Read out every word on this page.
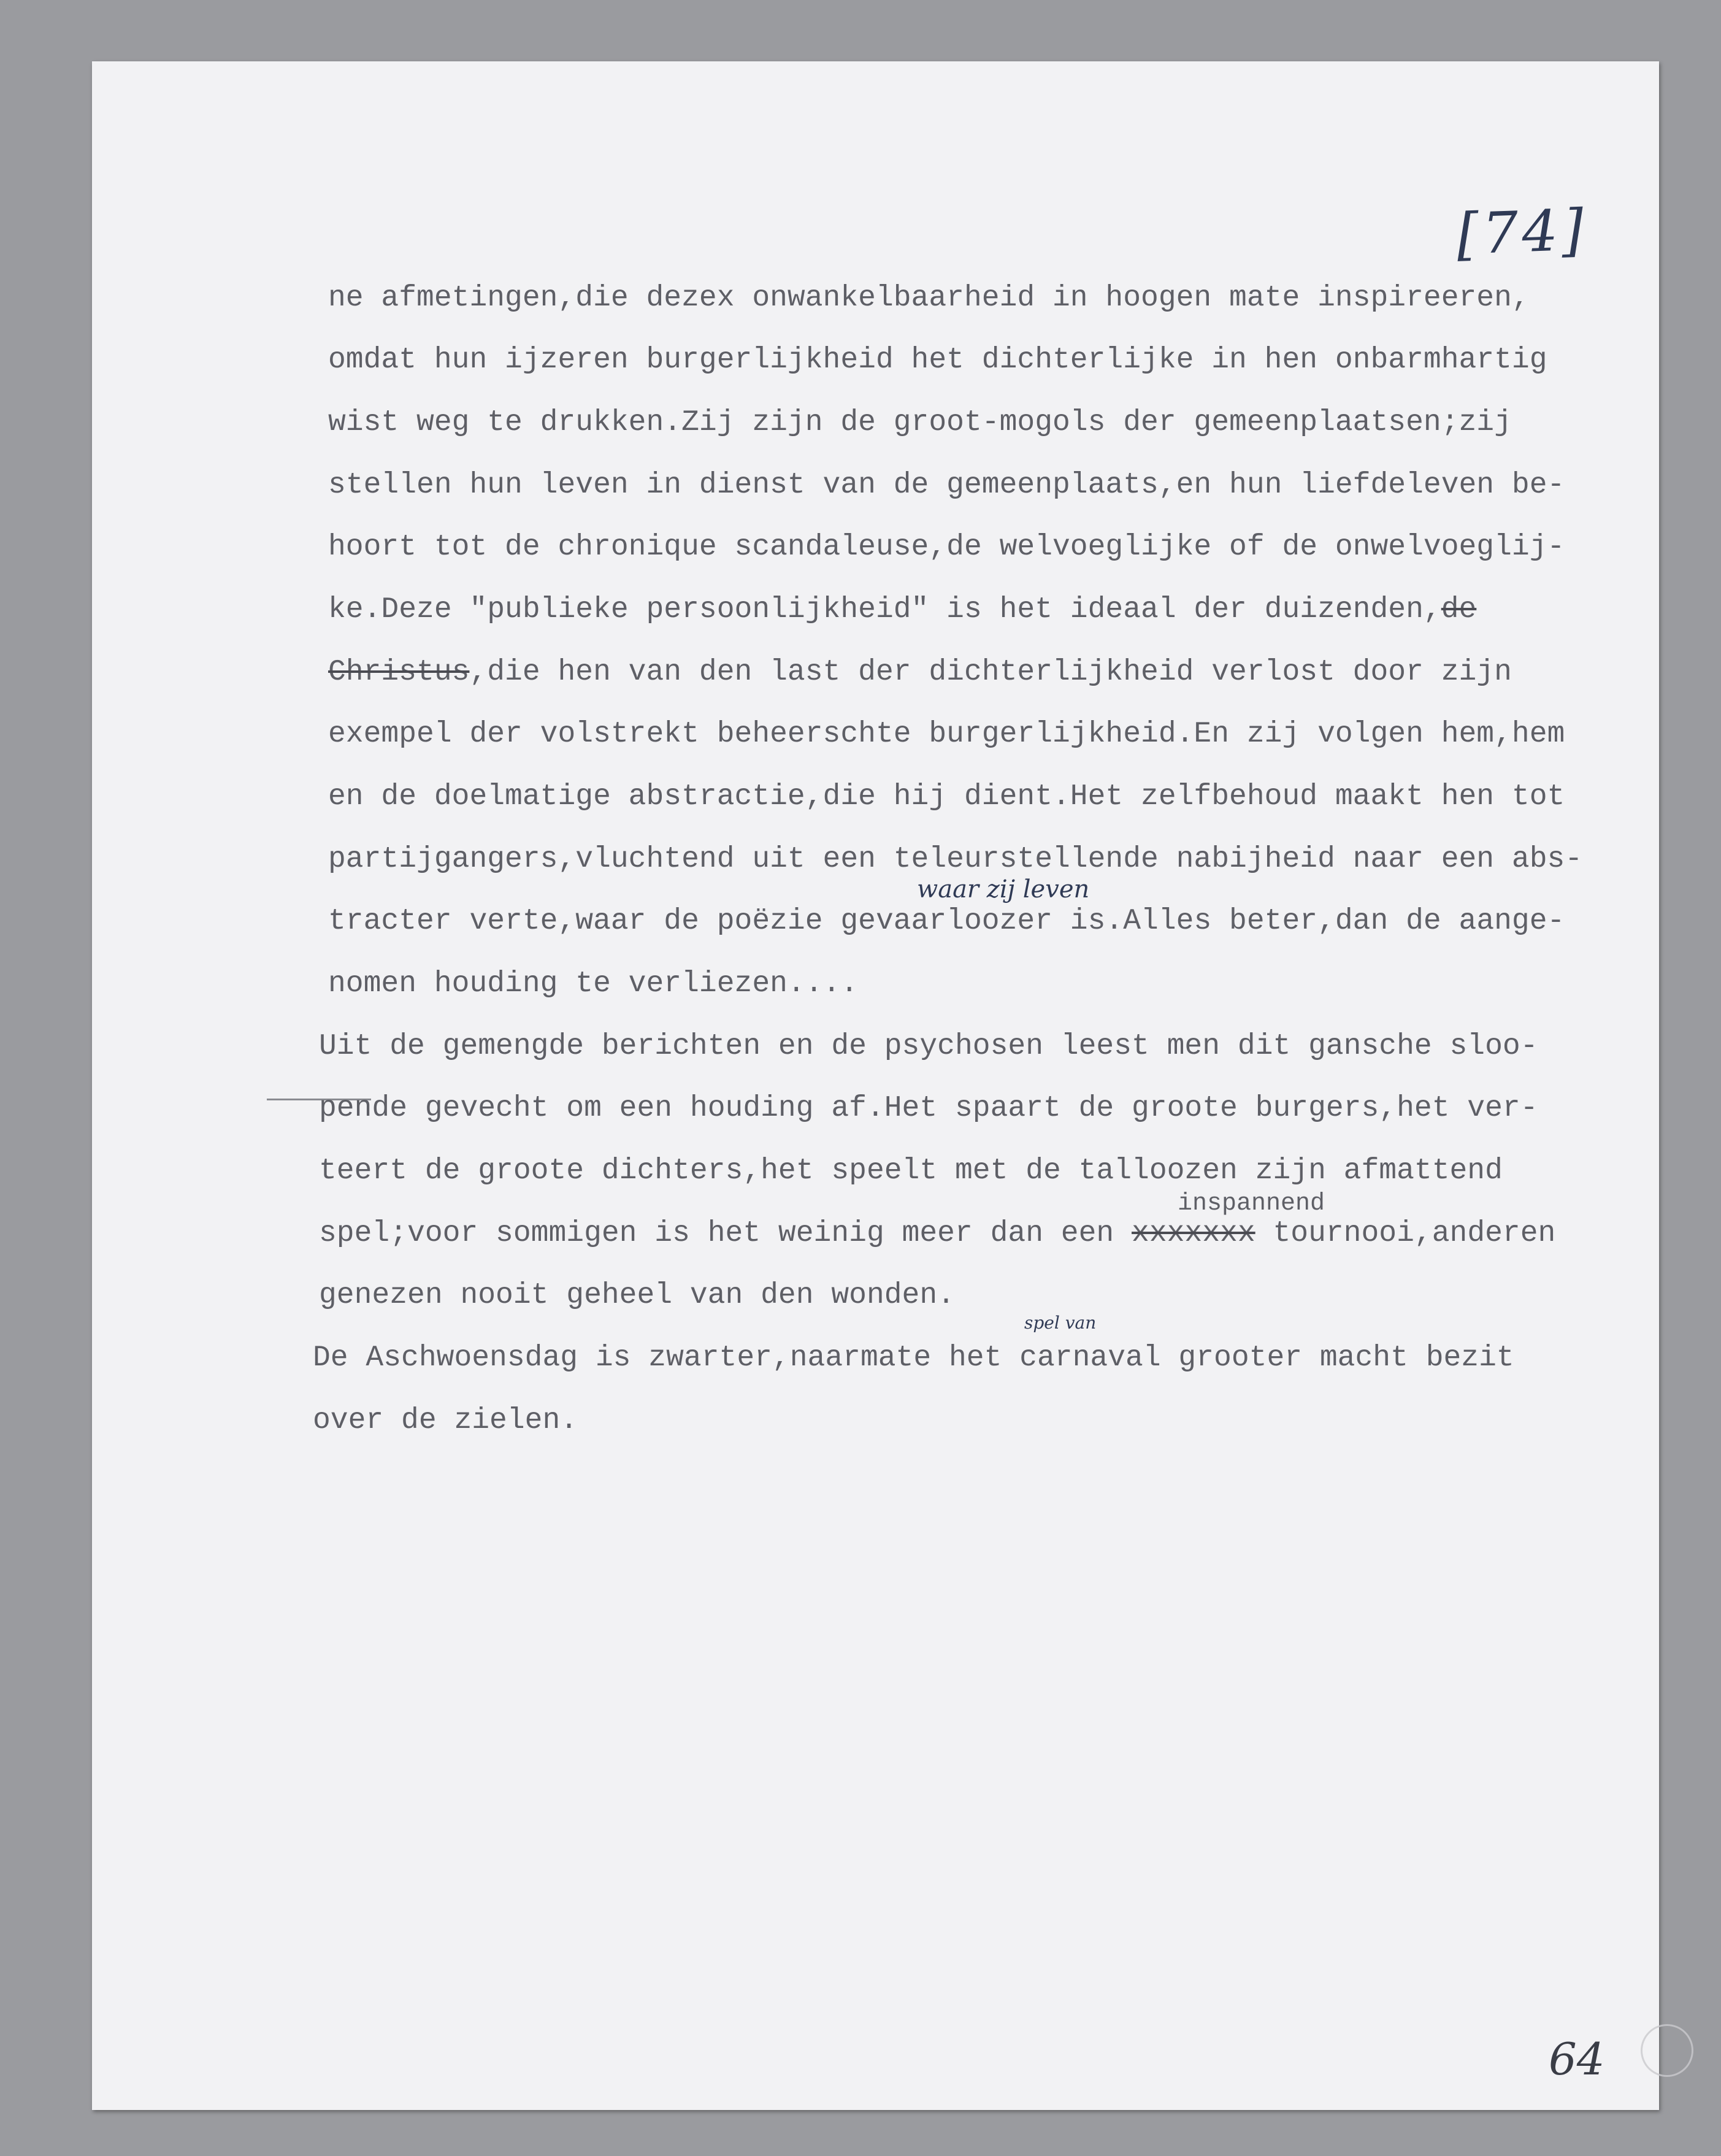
[74]
ne afmetingen,die dezex onwankelbaarheid in hoogen mate inspireeren,
omdat hun ijzeren burgerlijkheid het dichterlijke in hen onbarmhartig
wist weg te drukken.Zij zijn de groot-mogols der gemeenplaatsen;zij
stellen hun leven in dienst van de gemeenplaats,en hun liefdeleven be-
hoort tot de chronique scandaleuse,de welvoeglijke of de onwelvoeglij-
ke.Deze "publieke persoonlijkheid" is het ideaal der duizenden,de
Christus,die hen van den last der dichterlijkheid verlost door zijn
exempel der volstrekt beheerschte burgerlijkheid.En zij volgen hem,hem
en de doelmatige abstractie,die hij dient.Het zelfbehoud maakt hen tot
partijgangers,vluchtend uit een teleurstellende nabijheid naar een abs-
waar zij leven
tracter verte,waar de poëzie gevaarloozer is.Alles beter,dan de aange-
nomen houding te verliezen....
Uit de gemengde berichten en de psychosen leest men dit gansche sloo-
pende gevecht om een houding af.Het spaart de groote burgers,het ver-
teert de groote dichters,het speelt met de talloozen zijn afmattend
inspannend
spel;voor sommigen is het weinig meer dan een xxxxxxx tournooi,anderen
genezen nooit geheel van den wonden.
spel van
De Aschwoensdag is zwarter,naarmate het carnaval grooter macht bezit
over de zielen.
64
